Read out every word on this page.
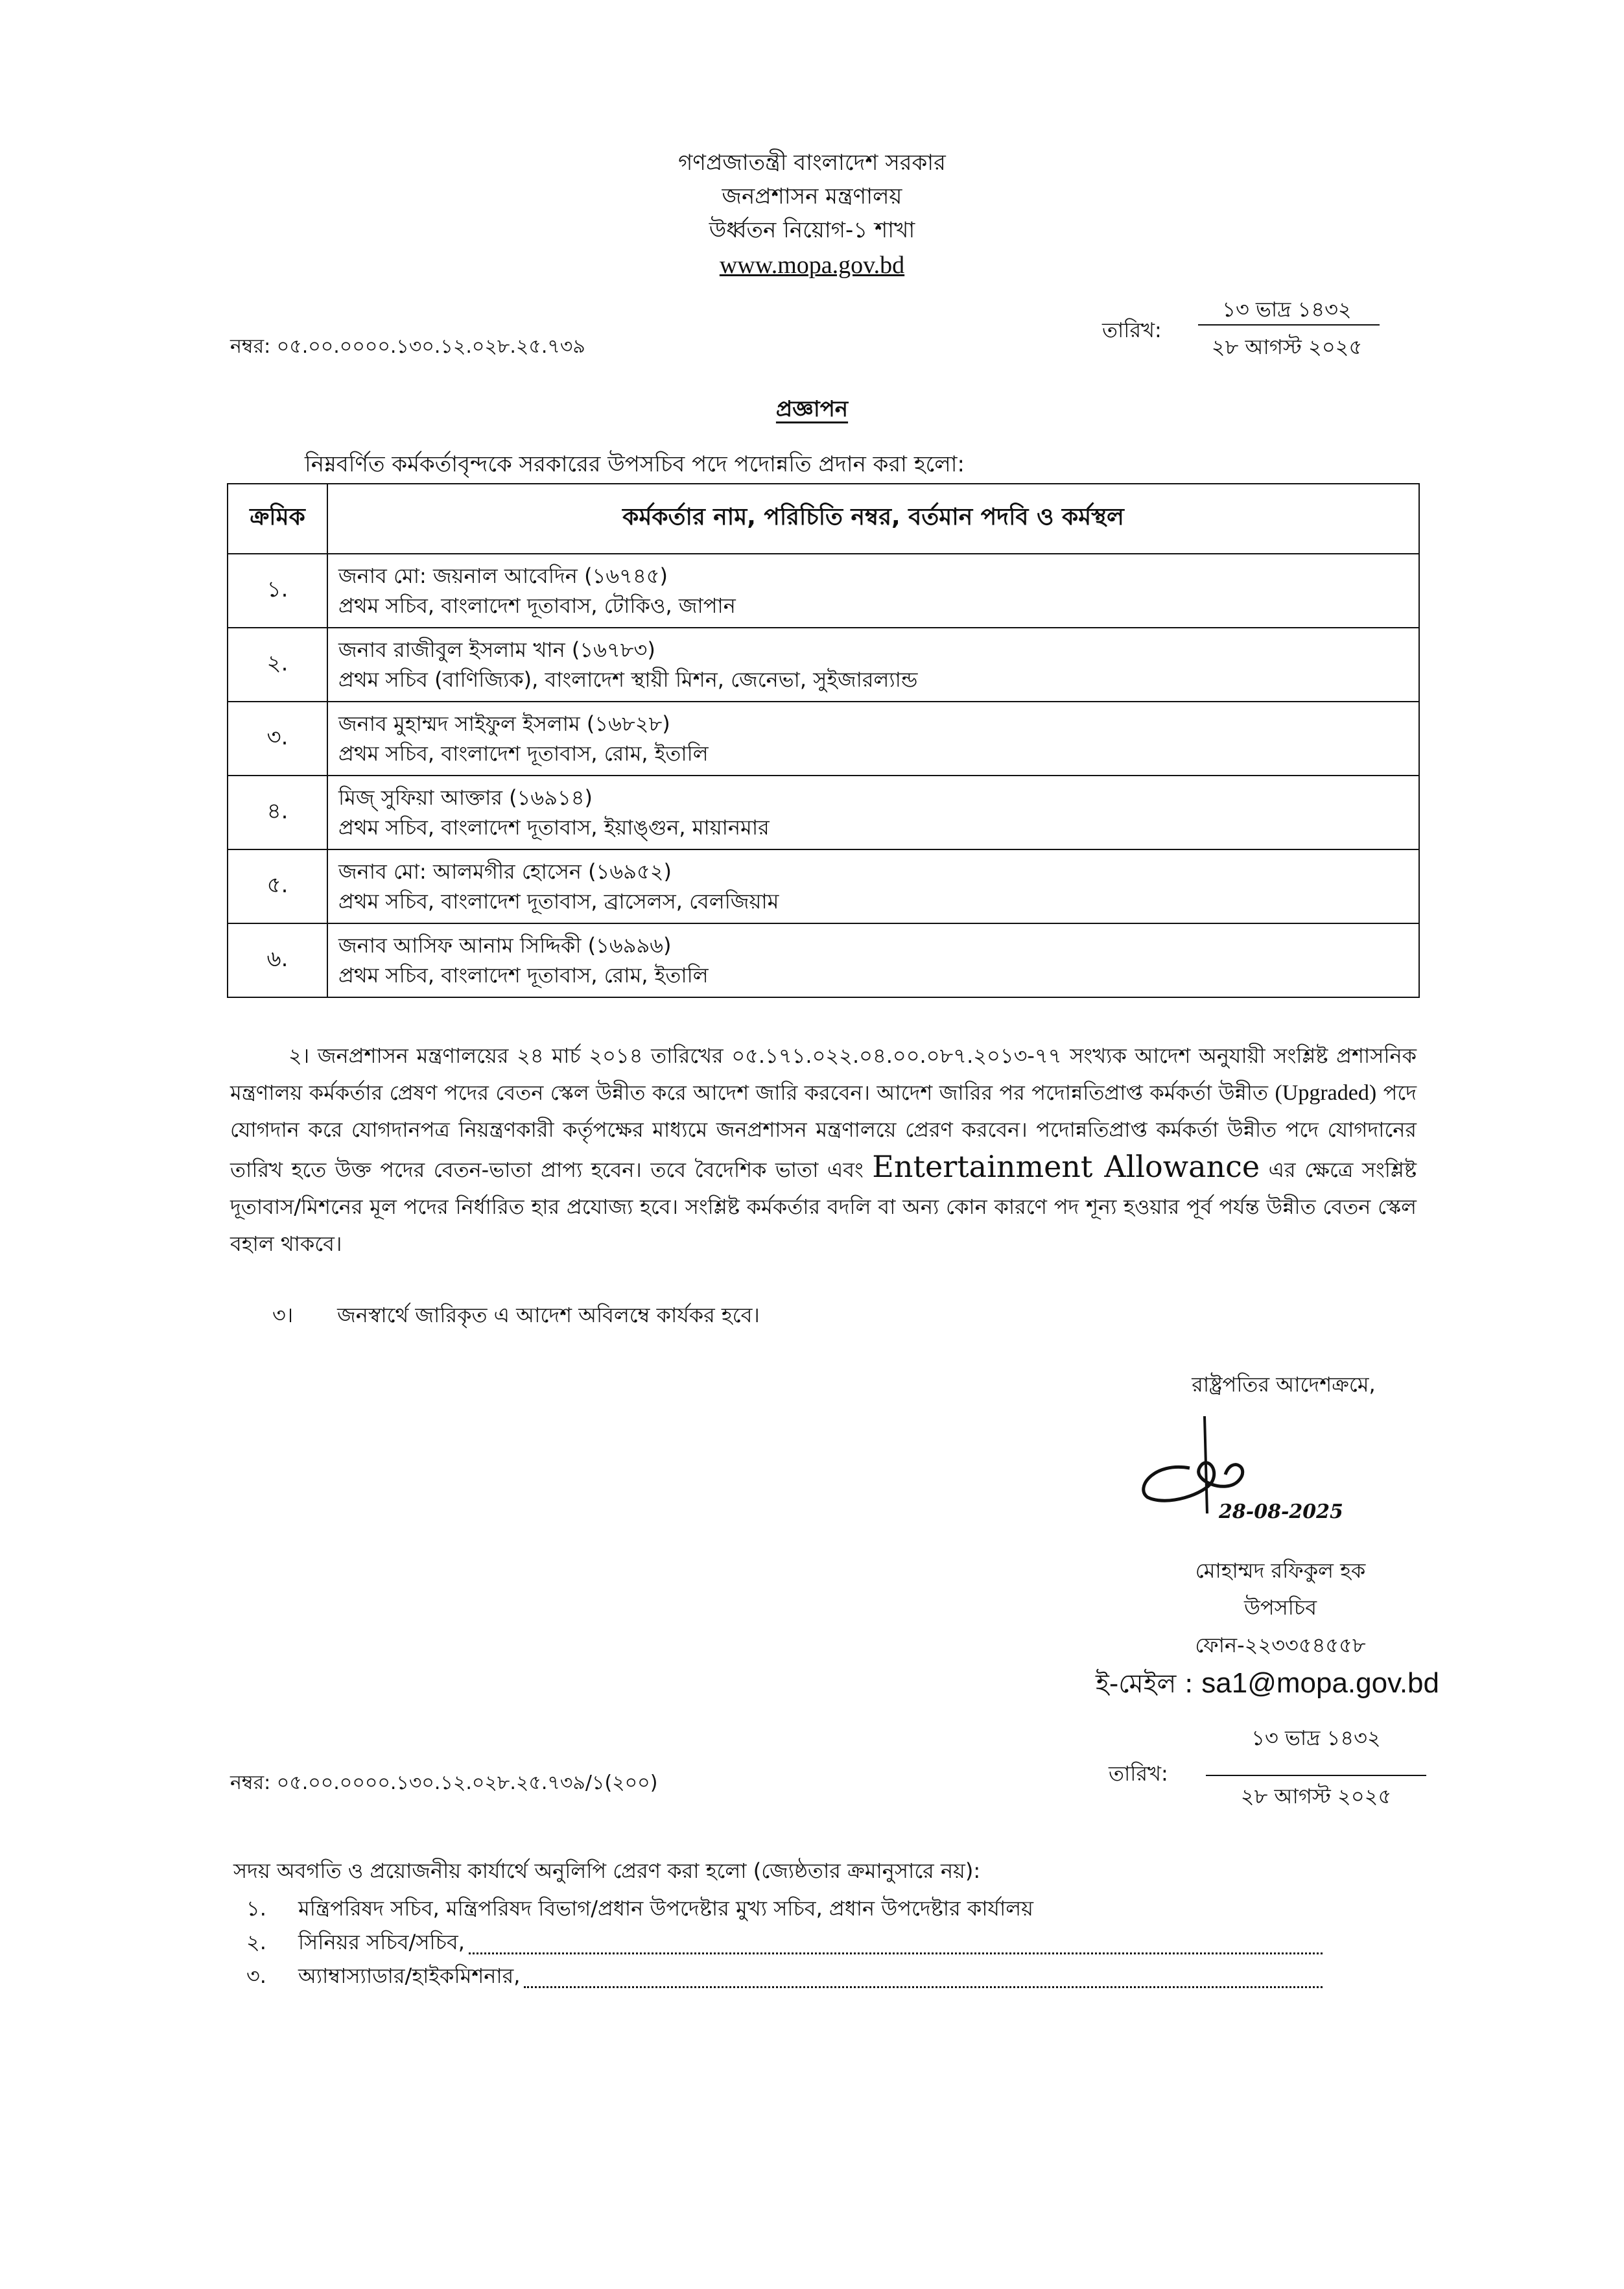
গণপ্রজাতন্ত্রী বাংলাদেশ সরকার
জনপ্রশাসন মন্ত্রণালয়
উর্ধ্বতন নিয়োগ-১ শাখা
www.mopa.gov.bd
নম্বর: ০৫.০০.০০০০.১৩০.১২.০২৮.২৫.৭৩৯
তারিখ:
১৩ ভাদ্র ১৪৩২
২৮ আগস্ট ২০২৫
প্রজ্ঞাপন
নিম্নবর্ণিত কর্মকর্তাবৃন্দকে সরকারের উপসচিব পদে পদোন্নতি প্রদান করা হলো:
ক্রমিক	কর্মকর্তার নাম, পরিচিতি নম্বর, বর্তমান পদবি ও কর্মস্থল
১.	জনাব মো: জয়নাল আবেদিন (১৬৭৪৫)
প্রথম সচিব, বাংলাদেশ দূতাবাস, টোকিও, জাপান

২.	জনাব রাজীবুল ইসলাম খান (১৬৭৮৩)
প্রথম সচিব (বাণিজ্যিক), বাংলাদেশ স্থায়ী মিশন, জেনেভা, সুইজারল্যান্ড

৩.	জনাব মুহাম্মদ সাইফুল ইসলাম (১৬৮২৮)
প্রথম সচিব, বাংলাদেশ দূতাবাস, রোম, ইতালি

৪.	মিজ্ সুফিয়া আক্তার (১৬৯১৪)
প্রথম সচিব, বাংলাদেশ দূতাবাস, ইয়াঙ্গুন, মায়ানমার

৫.	জনাব মো: আলমগীর হোসেন (১৬৯৫২)
প্রথম সচিব, বাংলাদেশ দূতাবাস, ব্রাসেলস, বেলজিয়াম

৬.	জনাব আসিফ আনাম সিদ্দিকী (১৬৯৯৬)
প্রথম সচিব, বাংলাদেশ দূতাবাস, রোম, ইতালি
২। জনপ্রশাসন মন্ত্রণালয়ের ২৪ মার্চ ২০১৪ তারিখের ০৫.১৭১.০২২.০৪.০০.০৮৭.২০১৩-৭৭ সংখ্যক আদেশ অনুযায়ী সংশ্লিষ্ট প্রশাসনিক মন্ত্রণালয় কর্মকর্তার প্রেষণ পদের বেতন স্কেল উন্নীত করে আদেশ জারি করবেন। আদেশ জারির পর পদোন্নতিপ্রাপ্ত কর্মকর্তা উন্নীত (Upgraded) পদে যোগদান করে যোগদানপত্র নিয়ন্ত্রণকারী কর্তৃপক্ষের মাধ্যমে জনপ্রশাসন মন্ত্রণালয়ে প্রেরণ করবেন। পদোন্নতিপ্রাপ্ত কর্মকর্তা উন্নীত পদে যোগদানের তারিখ হতে উক্ত পদের বেতন-ভাতা প্রাপ্য হবেন। তবে বৈদেশিক ভাতা এবং Entertainment Allowance এর ক্ষেত্রে সংশ্লিষ্ট দূতাবাস/মিশনের মূল পদের নির্ধারিত হার প্রযোজ্য হবে। সংশ্লিষ্ট কর্মকর্তার বদলি বা অন্য কোন কারণে পদ শূন্য হওয়ার পূর্ব পর্যন্ত উন্নীত বেতন স্কেল বহাল থাকবে।
৩। জনস্বার্থে জারিকৃত এ আদেশ অবিলম্বে কার্যকর হবে।
রাষ্ট্রপতির আদেশক্রমে,
28-08-2025
মোহাম্মদ রফিকুল হক
উপসচিব
ফোন-২২৩৩৫৪৫৫৮
ই-মেইল : sa1@mopa.gov.bd
নম্বর: ০৫.০০.০০০০.১৩০.১২.০২৮.২৫.৭৩৯/১(২০০)	তারিখ:
১৩ ভাদ্র ১৪৩২
২৮ আগস্ট ২০২৫
সদয় অবগতি ও প্রয়োজনীয় কার্যার্থে অনুলিপি প্রেরণ করা হলো (জ্যেষ্ঠতার ক্রমানুসারে নয়):
১.	মন্ত্রিপরিষদ সচিব, মন্ত্রিপরিষদ বিভাগ/প্রধান উপদেষ্টার মুখ্য সচিব, প্রধান উপদেষ্টার কার্যালয়
২.	সিনিয়র সচিব/সচিব,
৩.	অ্যাম্বাস্যাডার/হাইকমিশনার,
